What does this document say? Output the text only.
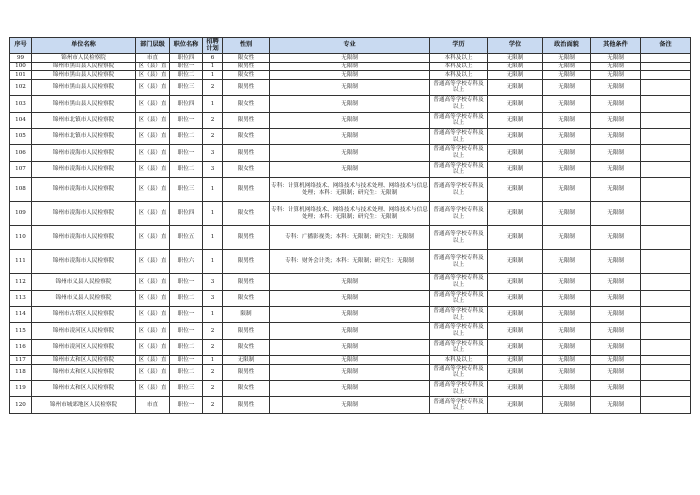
序号	单位名称	部门层级	职位名称	招聘计划	性别	专业	学历	学位	政治面貌	其他条件	备注
99	锦州市人民检察院	市直	职位四	6	限女性	无限制	本科及以上	无限制	无限制	无限制	
100	锦州市黑山县人民检察院	区（县）直	职位一	1	限男性	无限制	本科及以上	无限制	无限制	无限制	
101	锦州市黑山县人民检察院	区（县）直	职位二	1	限女性	无限制	本科及以上	无限制	无限制	无限制	
102	锦州市黑山县人民检察院	区（县）直	职位三	2	限男性	无限制	普通高等学校专科及以上	无限制	无限制	无限制	
103	锦州市黑山县人民检察院	区（县）直	职位四	1	限女性	无限制	普通高等学校专科及以上	无限制	无限制	无限制	
104	锦州市北镇市人民检察院	区（县）直	职位一	2	限男性	无限制	普通高等学校专科及以上	无限制	无限制	无限制	
105	锦州市北镇市人民检察院	区（县）直	职位二	2	限女性	无限制	普通高等学校专科及以上	无限制	无限制	无限制	
106	锦州市凌海市人民检察院	区（县）直	职位一	3	限男性	无限制	普通高等学校专科及以上	无限制	无限制	无限制	
107	锦州市凌海市人民检察院	区（县）直	职位二	3	限女性	无限制	普通高等学校专科及以上	无限制	无限制	无限制	
108	锦州市凌海市人民检察院	区（县）直	职位三	1	限男性	专科：计算机网络技术、网络技术与技术处理、网络技术与信息处理；本科：无限制；研究生：无限制	普通高等学校专科及以上	无限制	无限制	无限制	
109	锦州市凌海市人民检察院	区（县）直	职位四	1	限女性	专科：计算机网络技术、网络技术与技术处理、网络技术与信息处理；本科：无限制；研究生：无限制	普通高等学校专科及以上	无限制	无限制	无限制	
110	锦州市凌海市人民检察院	区（县）直	职位五	1	限男性	专科：广播影视类；本科：无限制；研究生：无限制	普通高等学校专科及以上	无限制	无限制	无限制	
111	锦州市凌海市人民检察院	区（县）直	职位六	1	限男性	专科：财务会计类；本科：无限制；研究生：无限制	普通高等学校专科及以上	无限制	无限制	无限制	
112	锦州市义县人民检察院	区（县）直	职位一	3	限男性	无限制	普通高等学校专科及以上	无限制	无限制	无限制	
113	锦州市义县人民检察院	区（县）直	职位二	3	限女性	无限制	普通高等学校专科及以上	无限制	无限制	无限制	
114	锦州市古塔区人民检察院	区（县）直	职位一	1	限制	无限制	普通高等学校专科及以上	无限制	无限制	无限制	
115	锦州市凌河区人民检察院	区（县）直	职位一	2	限男性	无限制	普通高等学校专科及以上	无限制	无限制	无限制	
116	锦州市凌河区人民检察院	区（县）直	职位二	2	限女性	无限制	普通高等学校专科及以上	无限制	无限制	无限制	
117	锦州市太和区人民检察院	区（县）直	职位一	1	无限制	无限制	本科及以上	无限制	无限制	无限制	
118	锦州市太和区人民检察院	区（县）直	职位二	2	限男性	无限制	普通高等学校专科及以上	无限制	无限制	无限制	
119	锦州市太和区人民检察院	区（县）直	职位三	2	限女性	无限制	普通高等学校专科及以上	无限制	无限制	无限制	
120	锦州市城郊地区人民检察院	市直	职位一	2	限男性	无限制	普通高等学校专科及以上	无限制	无限制	无限制	
